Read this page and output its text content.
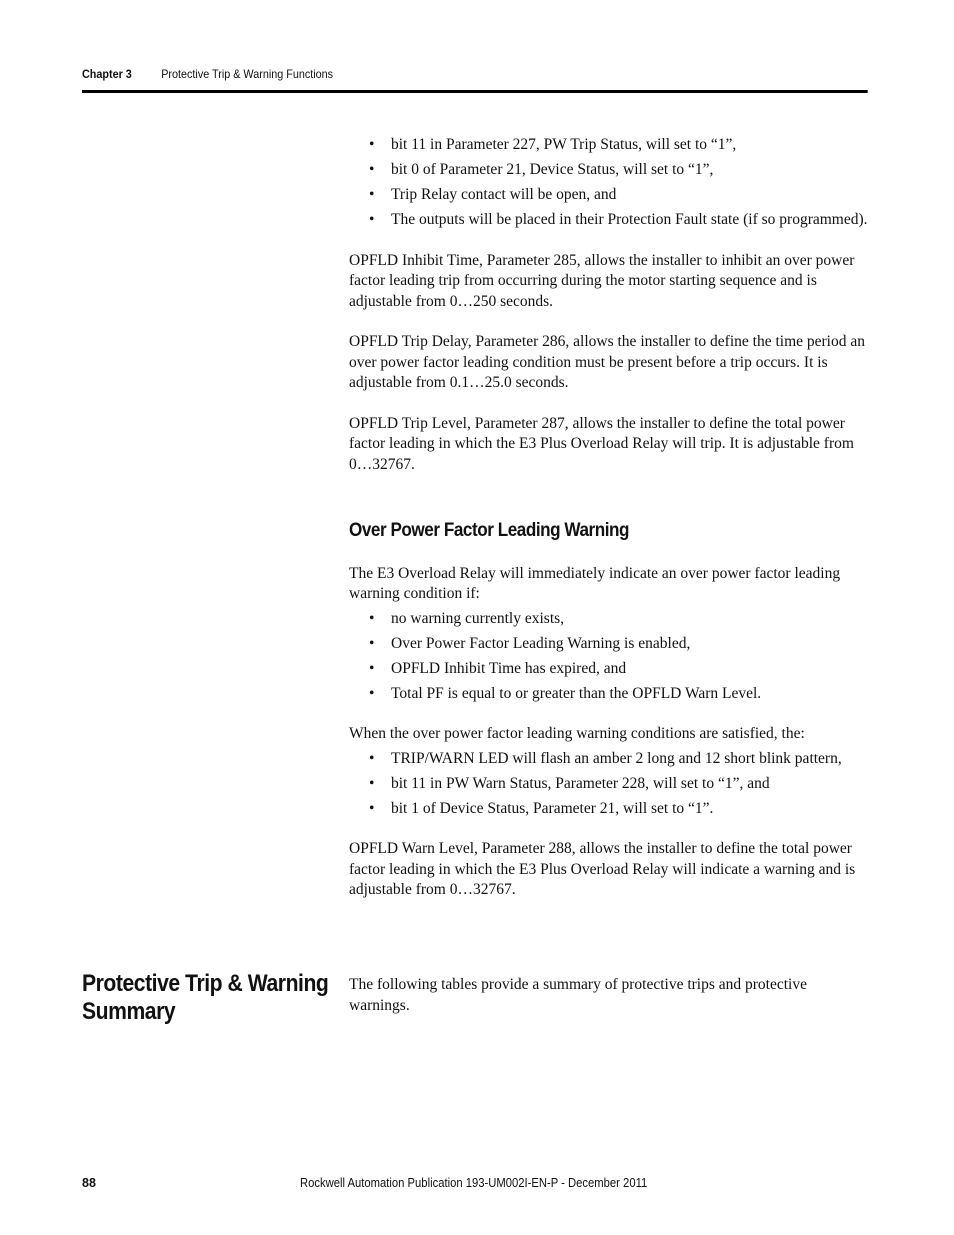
Chapter 3 Protective Trip & Warning Functions
• bit 11 in Parameter 227, PW Trip Status, will set to “1”,
• bit 0 of Parameter 21, Device Status, will set to “1”,
• Trip Relay contact will be open, and
• The outputs will be placed in their Protection Fault state (if so programmed).

OPFLD Inhibit Time, Parameter 285, allows the installer to inhibit an over power factor leading trip from occurring during the motor starting sequence and is adjustable from 0…250 seconds.

OPFLD Trip Delay, Parameter 286, allows the installer to define the time period an over power factor leading condition must be present before a trip occurs. It is adjustable from 0.1…25.0 seconds.

OPFLD Trip Level, Parameter 287, allows the installer to define the total power factor leading in which the E3 Plus Overload Relay will trip. It is adjustable from 0…32767.

Over Power Factor Leading Warning

The E3 Overload Relay will immediately indicate an over power factor leading warning condition if:

• no warning currently exists,
• Over Power Factor Leading Warning is enabled,
• OPFLD Inhibit Time has expired, and
• Total PF is equal to or greater than the OPFLD Warn Level.

When the over power factor leading warning conditions are satisfied, the:

• TRIP/WARN LED will flash an amber 2 long and 12 short blink pattern,
• bit 11 in PW Warn Status, Parameter 228, will set to “1”, and
• bit 1 of Device Status, Parameter 21, will set to “1”.

OPFLD Warn Level, Parameter 288, allows the installer to define the total power factor leading in which the E3 Plus Overload Relay will indicate a warning and is adjustable from 0…32767.

Protective Trip & Warning Summary

The following tables provide a summary of protective trips and protective warnings.

88	Rockwell Automation Publication 193-UM002I-EN-P - December 2011
